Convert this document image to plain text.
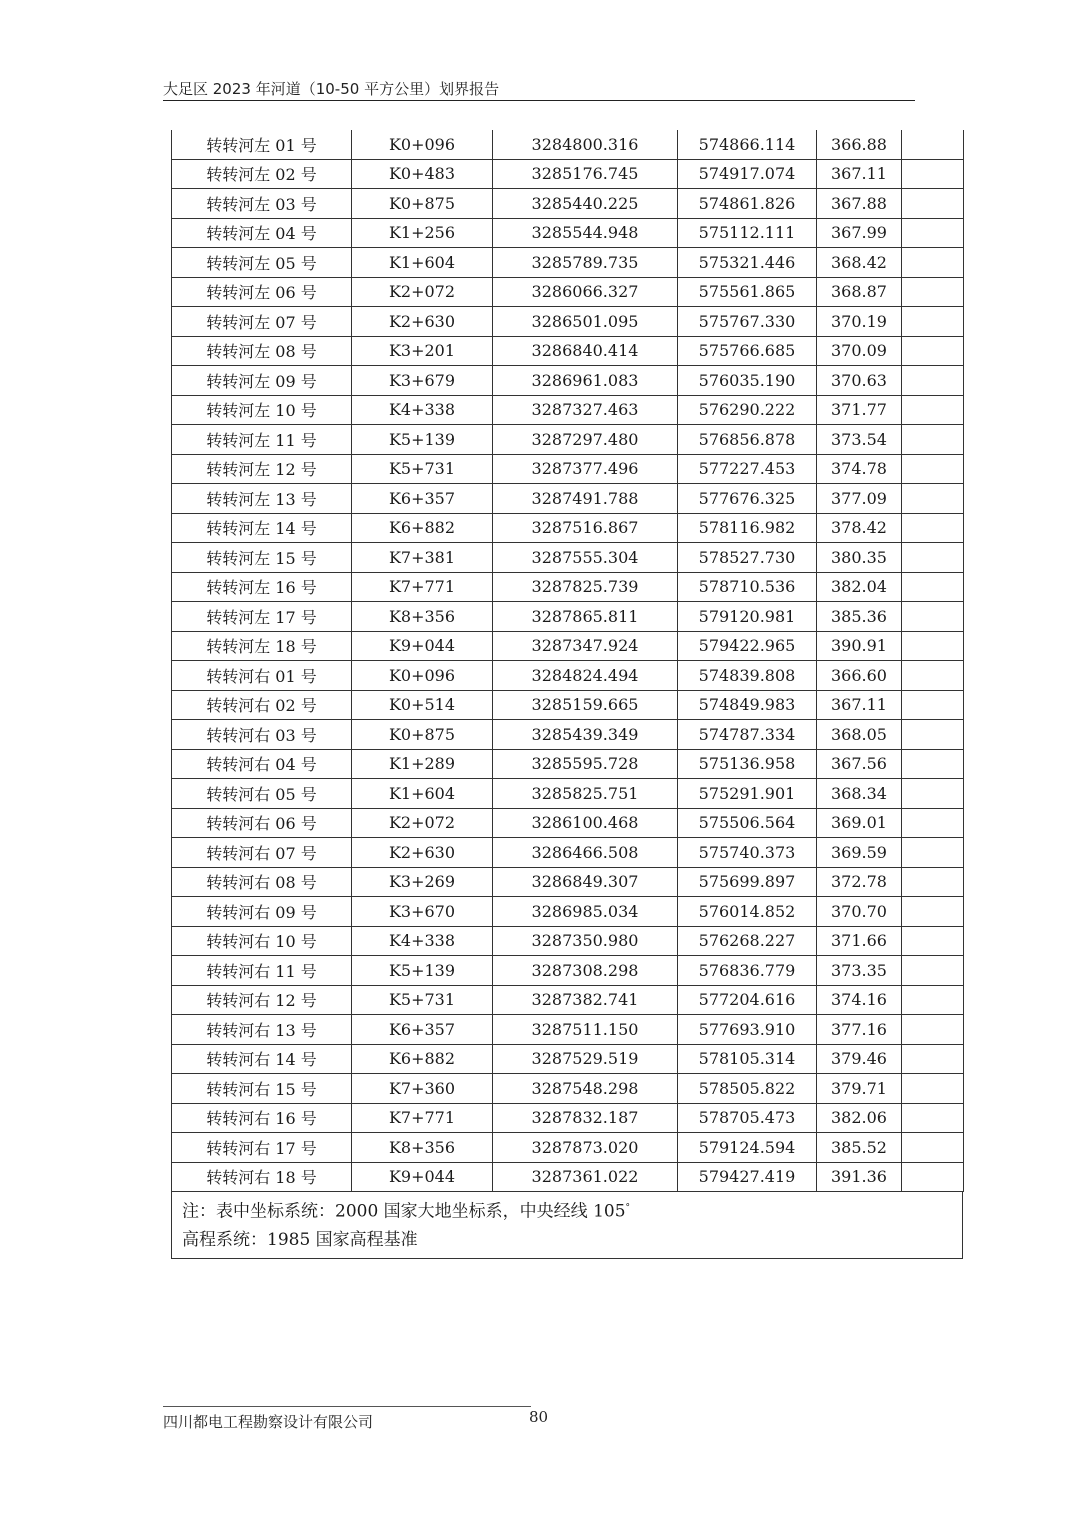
大足区 2023 年河道（10-50 平方公里）划界报告
转转河左 01 号	K0+096	3284800.316	574866.114	366.88	
转转河左 02 号	K0+483	3285176.745	574917.074	367.11	
转转河左 03 号	K0+875	3285440.225	574861.826	367.88	
转转河左 04 号	K1+256	3285544.948	575112.111	367.99	
转转河左 05 号	K1+604	3285789.735	575321.446	368.42	
转转河左 06 号	K2+072	3286066.327	575561.865	368.87	
转转河左 07 号	K2+630	3286501.095	575767.330	370.19	
转转河左 08 号	K3+201	3286840.414	575766.685	370.09	
转转河左 09 号	K3+679	3286961.083	576035.190	370.63	
转转河左 10 号	K4+338	3287327.463	576290.222	371.77	
转转河左 11 号	K5+139	3287297.480	576856.878	373.54	
转转河左 12 号	K5+731	3287377.496	577227.453	374.78	
转转河左 13 号	K6+357	3287491.788	577676.325	377.09	
转转河左 14 号	K6+882	3287516.867	578116.982	378.42	
转转河左 15 号	K7+381	3287555.304	578527.730	380.35	
转转河左 16 号	K7+771	3287825.739	578710.536	382.04	
转转河左 17 号	K8+356	3287865.811	579120.981	385.36	
转转河左 18 号	K9+044	3287347.924	579422.965	390.91	
转转河右 01 号	K0+096	3284824.494	574839.808	366.60	
转转河右 02 号	K0+514	3285159.665	574849.983	367.11	
转转河右 03 号	K0+875	3285439.349	574787.334	368.05	
转转河右 04 号	K1+289	3285595.728	575136.958	367.56	
转转河右 05 号	K1+604	3285825.751	575291.901	368.34	
转转河右 06 号	K2+072	3286100.468	575506.564	369.01	
转转河右 07 号	K2+630	3286466.508	575740.373	369.59	
转转河右 08 号	K3+269	3286849.307	575699.897	372.78	
转转河右 09 号	K3+670	3286985.034	576014.852	370.70	
转转河右 10 号	K4+338	3287350.980	576268.227	371.66	
转转河右 11 号	K5+139	3287308.298	576836.779	373.35	
转转河右 12 号	K5+731	3287382.741	577204.616	374.16	
转转河右 13 号	K6+357	3287511.150	577693.910	377.16	
转转河右 14 号	K6+882	3287529.519	578105.314	379.46	
转转河右 15 号	K7+360	3287548.298	578505.822	379.71	
转转河右 16 号	K7+771	3287832.187	578705.473	382.06	
转转河右 17 号	K8+356	3287873.020	579124.594	385.52	
转转河右 18 号	K9+044	3287361.022	579427.419	391.36	
注：表中坐标系统：2000 国家大地坐标系，中央经线 105°
高程系统：1985 国家高程基准
四川都电工程勘察设计有限公司	80
